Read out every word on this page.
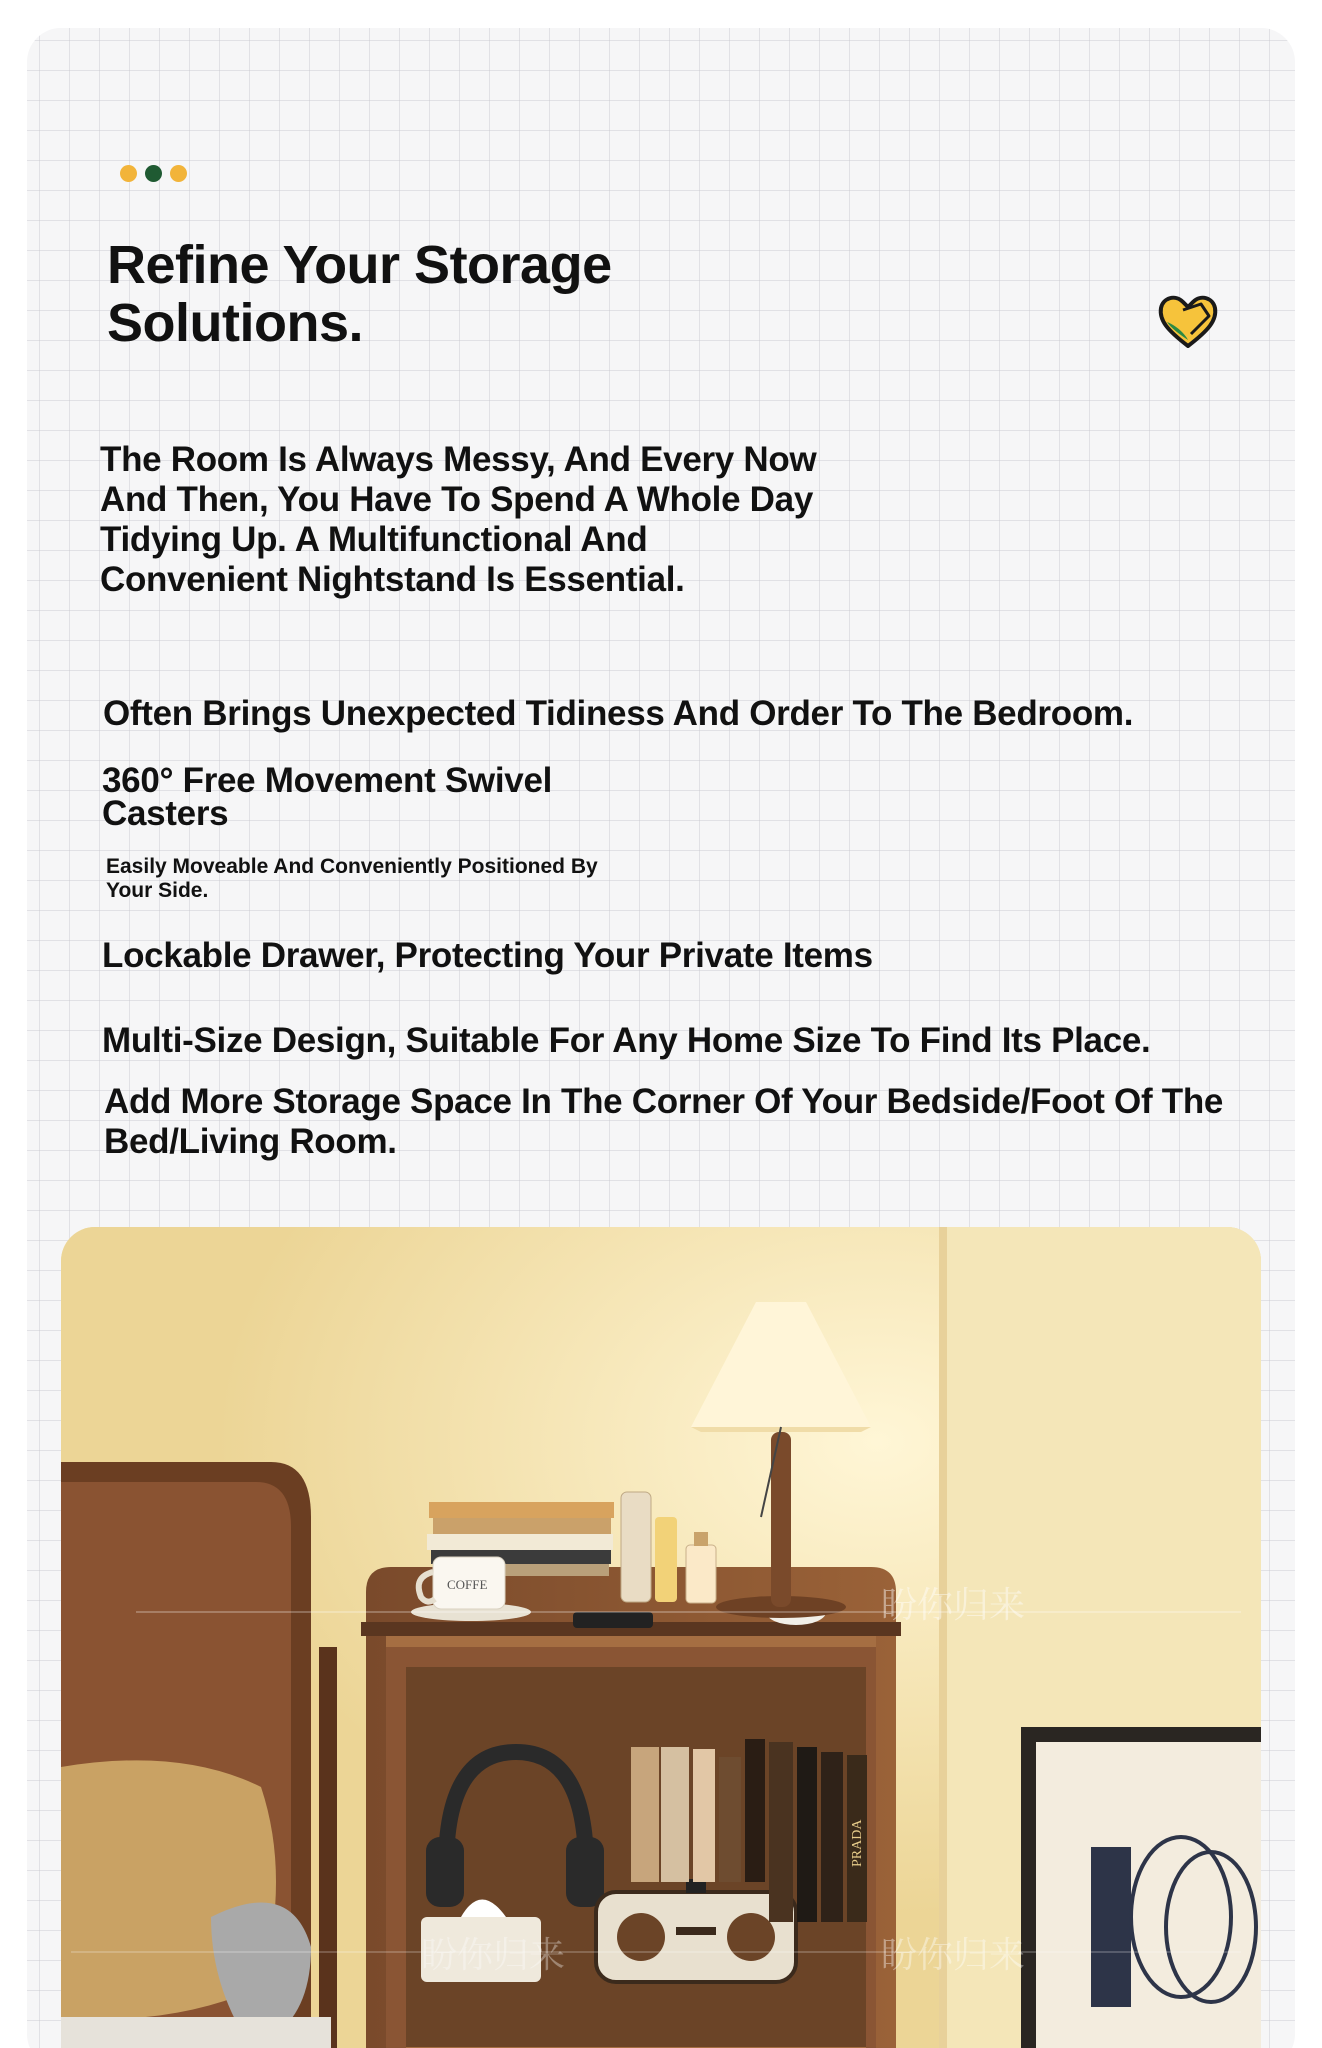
Refine Your Storage Solutions.

The Room Is Always Messy, And Every Now And Then, You Have To Spend A Whole Day Tidying Up. A Multifunctional And Convenient Nightstand Is Essential.

Often Brings Unexpected Tidiness And Order To The Bedroom.

360° Free Movement Swivel Casters

Easily Moveable And Conveniently Positioned By Your Side.

Lockable Drawer, Protecting Your Private Items

Multi-Size Design, Suitable For Any Home Size To Find Its Place.

Add More Storage Space In The Corner Of Your Bedside/Foot Of The Bed/Living Room.

COFFE
PRADA
盼你归来
盼你归来	盼你归来
